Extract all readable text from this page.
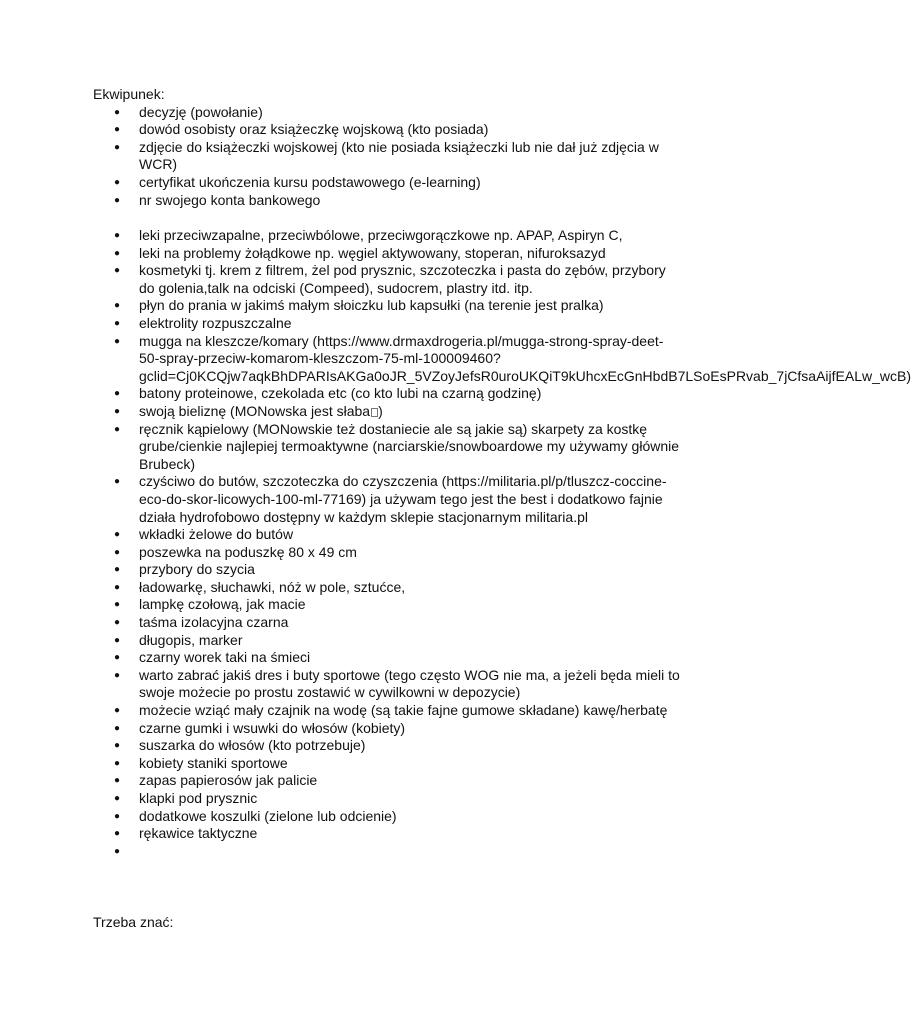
Ekwipunek:

● decyzję (powołanie)
● dowód osobisty oraz książeczkę wojskową (kto posiada)
● zdjęcie do książeczki wojskowej (kto nie posiada książeczki lub nie dał już zdjęcia w WCR)
● certyfikat ukończenia kursu podstawowego (e-learning)
● nr swojego konta bankowego
● leki przeciwzapalne, przeciwbólowe, przeciwgorączkowe np. APAP, Aspiryn C,
● leki na problemy żołądkowe np. węgiel aktywowany, stoperan, nifuroksazyd
● kosmetyki tj. krem z filtrem, żel pod prysznic, szczoteczka i pasta do zębów, przybory do golenia,talk na odciski (Compeed), sudocrem, plastry itd. itp.
● płyn do prania w jakimś małym słoiczku lub kapsułki (na terenie jest pralka)
● elektrolity rozpuszczalne
● mugga na kleszcze/komary (https://www.drmaxdrogeria.pl/mugga-strong-spray-deet-50-spray-przeciw-komarom-kleszczom-75-ml-100009460?gclid=Cj0KCQjw7aqkBhDPARIsAKGa0oJR_5VZoyJefsR0uroUKQiT9kUhcxEcGnHbdB7LSoEsPRvab_7jCfsaAijfEALw_wcB)
● batony proteinowe, czekolada etc (co kto lubi na czarną godzinę)
● swoją bieliznę (MONowska jest słaba )
● ręcznik kąpielowy (MONowskie też dostaniecie ale są jakie są) skarpety za kostkę grube/cienkie najlepiej termoaktywne (narciarskie/snowboardowe my używamy głównie Brubeck)
● czyściwo do butów, szczoteczka do czyszczenia (https://militaria.pl/p/tluszcz-coccine-eco-do-skor-licowych-100-ml-77169) ja używam tego jest the best i dodatkowo fajnie działa hydrofobowo dostępny w każdym sklepie stacjonarnym militaria.pl
● wkładki żelowe do butów
● poszewka na poduszkę 80 x 49 cm
● przybory do szycia
● ładowarkę, słuchawki, nóż w pole, sztućce,
● lampkę czołową, jak macie
● taśma izolacyjna czarna
● długopis, marker
● czarny worek taki na śmieci
● warto zabrać jakiś dres i buty sportowe (tego często WOG nie ma, a jeżeli będa mieli to swoje możecie po prostu zostawić w cywilkowni w depozycie)
● możecie wziąć mały czajnik na wodę (są takie fajne gumowe składane) kawę/herbatę
● czarne gumki i wsuwki do włosów (kobiety)
● suszarka do włosów (kto potrzebuje)
● kobiety staniki sportowe
● zapas papierosów jak palicie
● klapki pod prysznic
● dodatkowe koszulki (zielone lub odcienie)
● rękawice taktyczne
●

Trzeba znać:
